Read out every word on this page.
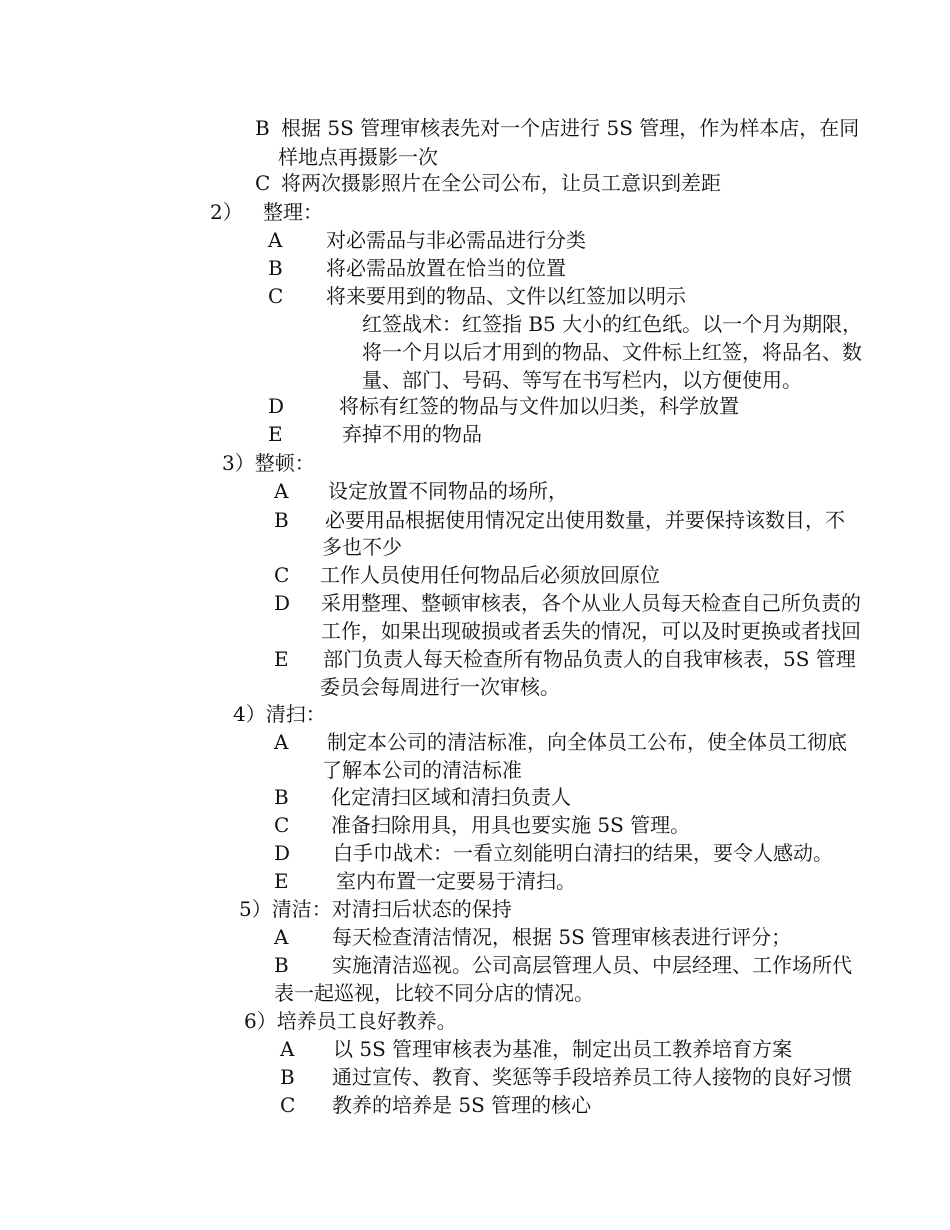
B 根据 5S 管理审核表先对一个店进行 5S 管理，作为样本店，在同
样地点再摄影一次
C 将两次摄影照片在全公司公布，让员工意识到差距
2） 整理：
A 对必需品与非必需品进行分类
B 将必需品放置在恰当的位置
C 将来要用到的物品、文件以红签加以明示
红签战术：红签指 B5 大小的红色纸。以一个月为期限，
将一个月以后才用到的物品、文件标上红签，将品名、数
量、部门、号码、等写在书写栏内，以方便使用。
D	将标有红签的物品与文件加以归类，科学放置
E	弃掉不用的物品
3）整顿：
A 设定放置不同物品的场所，
B 必要用品根据使用情况定出使用数量，并要保持该数目，不
多也不少
C 工作人员使用任何物品后必须放回原位
D 采用整理、整顿审核表，各个从业人员每天检查自己所负责的
工作，如果出现破损或者丢失的情况，可以及时更换或者找回
E 部门负责人每天检查所有物品负责人的自我审核表，5S 管理
委员会每周进行一次审核。
4）清扫：
A 制定本公司的清洁标准，向全体员工公布，使全体员工彻底
了解本公司的清洁标准
B 化定清扫区域和清扫负责人
C 准备扫除用具，用具也要实施 5S 管理。
D 白手巾战术：一看立刻能明白清扫的结果，要令人感动。
E 室内布置一定要易于清扫。
5）清洁：对清扫后状态的保持
A 每天检查清洁情况，根据 5S 管理审核表进行评分；
B 实施清洁巡视。公司高层管理人员、中层经理、工作场所代
表一起巡视，比较不同分店的情况。
6）培养员工良好教养。
A 以 5S 管理审核表为基准，制定出员工教养培育方案
B 通过宣传、教育、奖惩等手段培养员工待人接物的良好习惯
C 教养的培养是 5S 管理的核心
